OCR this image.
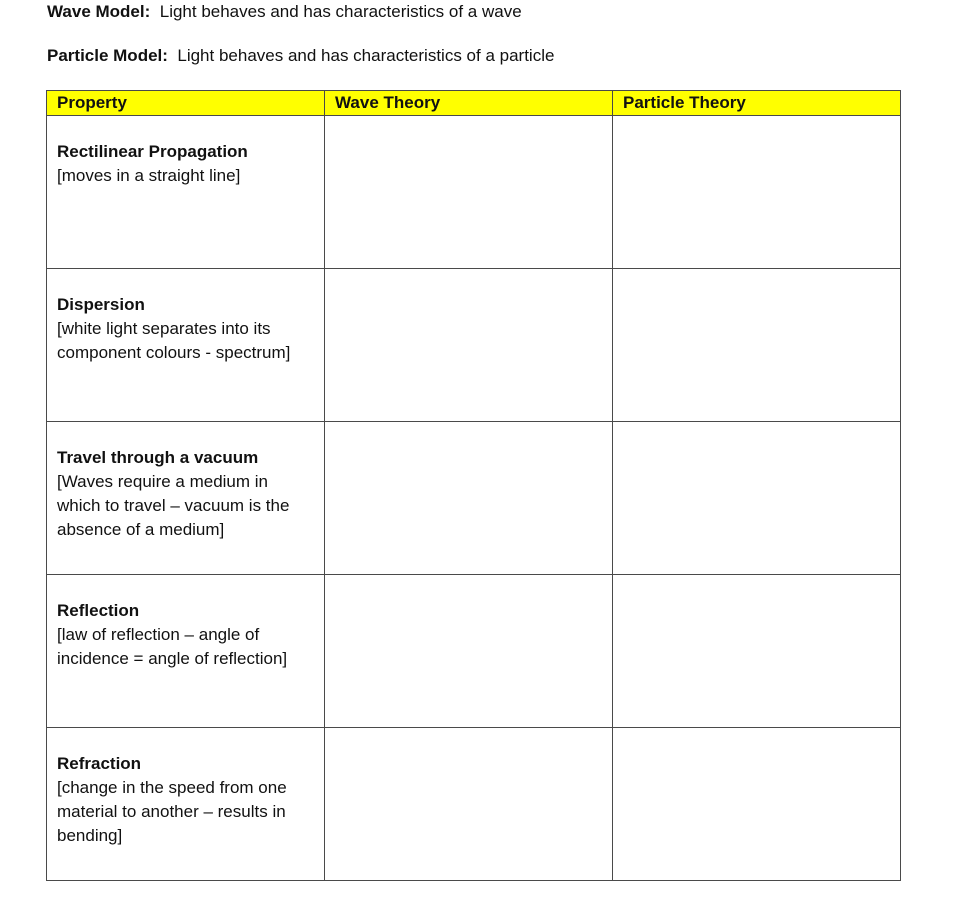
Wave Model: Light behaves and has characteristics of a wave
Particle Model: Light behaves and has characteristics of a particle
Property	Wave Theory	Particle Theory

Rectilinear Propagation
[moves in a straight line]		

Dispersion
[white light separates into its component colours - spectrum]		

Travel through a vacuum
[Waves require a medium in which to travel – vacuum is the absence of a medium]		

Reflection
[law of reflection – angle of incidence = angle of reflection]		

Refraction
[change in the speed from one material to another – results in bending]		
